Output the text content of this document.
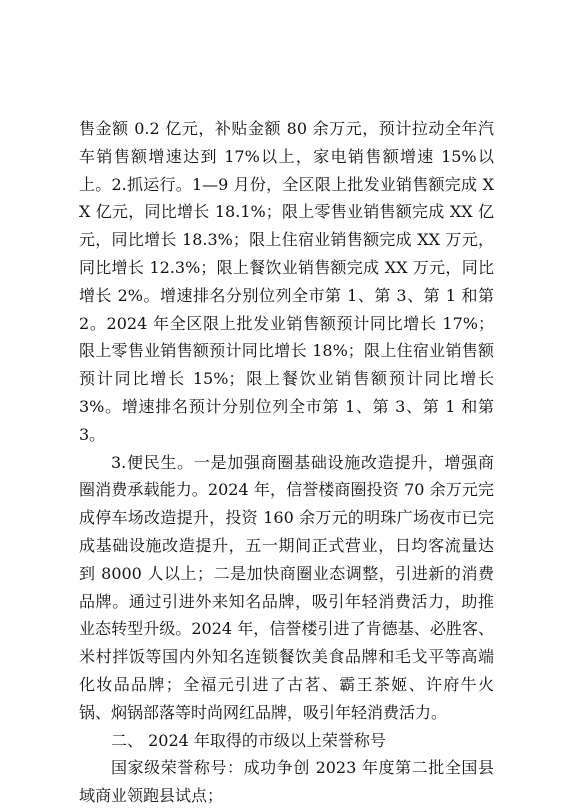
售金额 0.2 亿元，补贴金额 80 余万元，预计拉动全年汽车销售额增速达到 17%以上，家电销售额增速 15%以上。2.抓运行。1—9 月份，全区限上批发业销售额完成 XX 亿元，同比增长 18.1%；限上零售业销售额完成 XX 亿元，同比增长 18.3%；限上住宿业销售额完成 XX 万元，同比增长 12.3%；限上餐饮业销售额完成 XX 万元，同比增长 2%。增速排名分别位列全市第 1、第 3、第 1 和第 2。2024 年全区限上批发业销售额预计同比增长 17%；限上零售业销售额预计同比增长 18%；限上住宿业销售额预计同比增长 15%；限上餐饮业销售额预计同比增长 3%。增速排名预计分别位列全市第 1、第 3、第 1 和第 3。

3.便民生。一是加强商圈基础设施改造提升，增强商圈消费承载能力。2024 年，信誉楼商圈投资 70 余万元完成停车场改造提升，投资 160 余万元的明珠广场夜市已完成基础设施改造提升，五一期间正式营业，日均客流量达到 8000 人以上；二是加快商圈业态调整，引进新的消费品牌。通过引进外来知名品牌，吸引年轻消费活力，助推业态转型升级。2024 年，信誉楼引进了肯德基、必胜客、米村拌饭等国内外知名连锁餐饮美食品牌和毛戈平等高端化妆品品牌；全福元引进了古茗、霸王茶姬、许府牛火锅、焖锅部落等时尚网红品牌，吸引年轻消费活力。

二、 2024 年取得的市级以上荣誉称号

国家级荣誉称号：成功争创 2023 年度第二批全国县域商业领跑县试点；
